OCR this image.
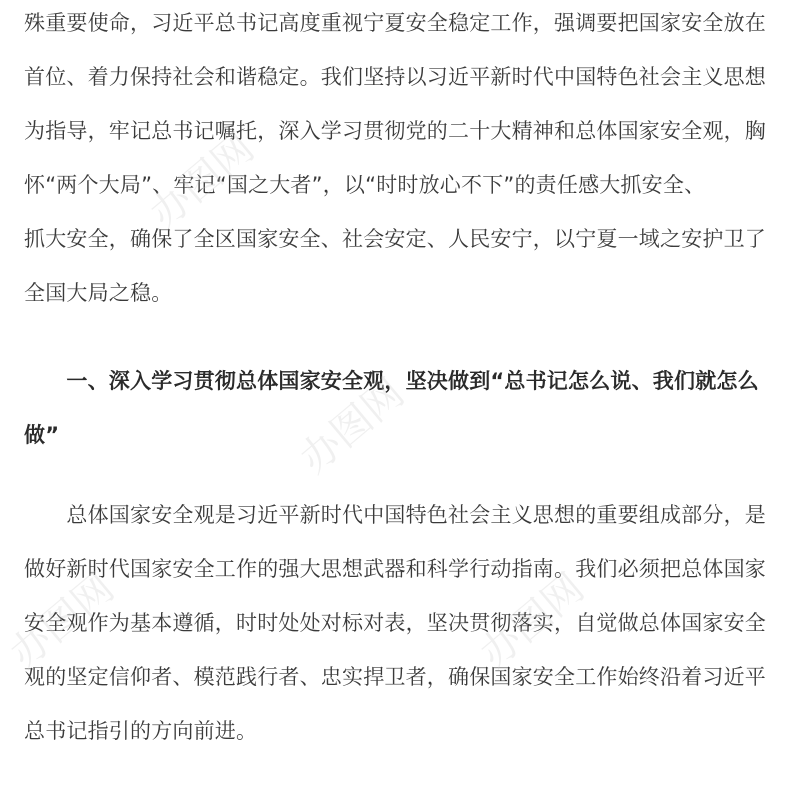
殊重要使命，习近平总书记高度重视宁夏安全稳定工作，强调要把国家安全放在
首位、着力保持社会和谐稳定。我们坚持以习近平新时代中国特色社会主义思想
为指导，牢记总书记嘱托，深入学习贯彻党的二十大精神和总体国家安全观，胸
怀“两个大局”、牢记“国之大者”，以“时时放心不下”的责任感大抓安全、
抓大安全，确保了全区国家安全、社会安定、人民安宁，以宁夏一域之安护卫了
全国大局之稳。
　　一、深入学习贯彻总体国家安全观，坚决做到“总书记怎么说、我们就怎么
做”
　　总体国家安全观是习近平新时代中国特色社会主义思想的重要组成部分，是
做好新时代国家安全工作的强大思想武器和科学行动指南。我们必须把总体国家
安全观作为基本遵循，时时处处对标对表，坚决贯彻落实，自觉做总体国家安全
观的坚定信仰者、模范践行者、忠实捍卫者，确保国家安全工作始终沿着习近平
总书记指引的方向前进。
办图网
办图网
办图网
办图网
